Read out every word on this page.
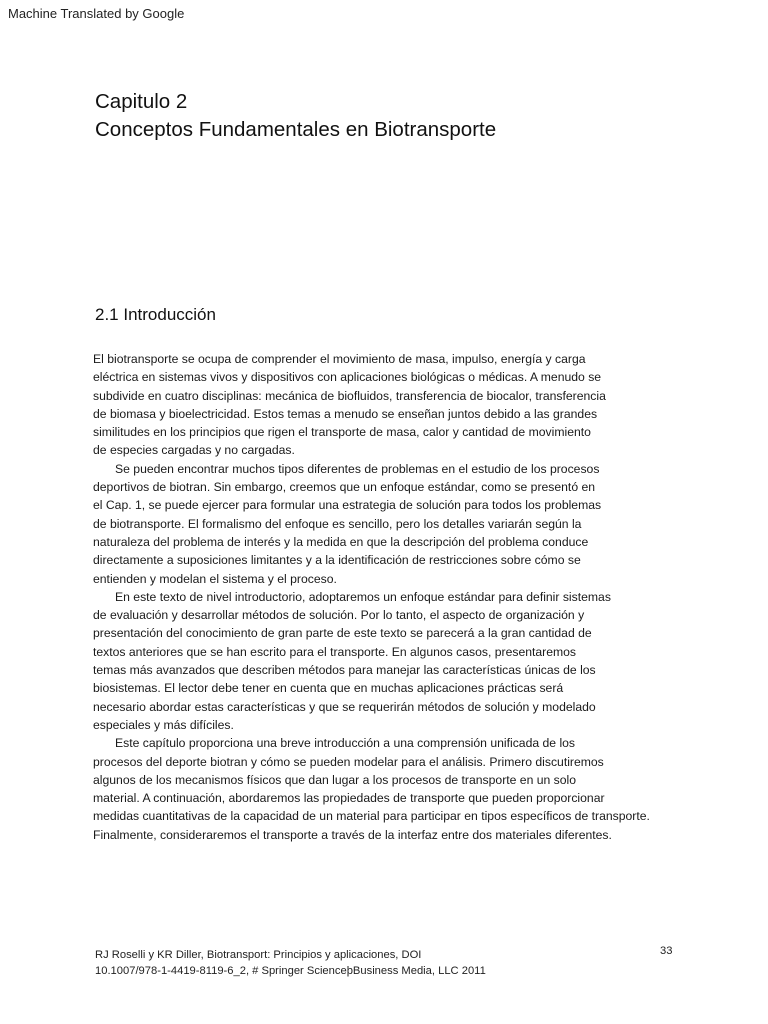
Machine Translated by Google
Capitulo 2
Conceptos Fundamentales en Biotransporte
2.1 Introducción
El biotransporte se ocupa de comprender el movimiento de masa, impulso, energía y carga
eléctrica en sistemas vivos y dispositivos con aplicaciones biológicas o médicas. A menudo se
subdivide en cuatro disciplinas: mecánica de biofluidos, transferencia de biocalor, transferencia
de biomasa y bioelectricidad. Estos temas a menudo se enseñan juntos debido a las grandes
similitudes en los principios que rigen el transporte de masa, calor y cantidad de movimiento
de especies cargadas y no cargadas.
Se pueden encontrar muchos tipos diferentes de problemas en el estudio de los procesos
deportivos de biotran. Sin embargo, creemos que un enfoque estándar, como se presentó en
el Cap. 1, se puede ejercer para formular una estrategia de solución para todos los problemas
de biotransporte. El formalismo del enfoque es sencillo, pero los detalles variarán según la
naturaleza del problema de interés y la medida en que la descripción del problema conduce
directamente a suposiciones limitantes y a la identificación de restricciones sobre cómo se
entienden y modelan el sistema y el proceso.
En este texto de nivel introductorio, adoptaremos un enfoque estándar para definir sistemas
de evaluación y desarrollar métodos de solución. Por lo tanto, el aspecto de organización y
presentación del conocimiento de gran parte de este texto se parecerá a la gran cantidad de
textos anteriores que se han escrito para el transporte. En algunos casos, presentaremos
temas más avanzados que describen métodos para manejar las características únicas de los
biosistemas. El lector debe tener en cuenta que en muchas aplicaciones prácticas será
necesario abordar estas características y que se requerirán métodos de solución y modelado
especiales y más difíciles.
Este capítulo proporciona una breve introducción a una comprensión unificada de los
procesos del deporte biotran y cómo se pueden modelar para el análisis. Primero discutiremos
algunos de los mecanismos físicos que dan lugar a los procesos de transporte en un solo
material. A continuación, abordaremos las propiedades de transporte que pueden proporcionar
medidas cuantitativas de la capacidad de un material para participar en tipos específicos de transporte.
Finalmente, consideraremos el transporte a través de la interfaz entre dos materiales diferentes.
RJ Roselli y KR Diller, Biotransport: Principios y aplicaciones, DOI
10.1007/978-1-4419-8119-6_2, # Springer ScienceþBusiness Media, LLC 2011
33
